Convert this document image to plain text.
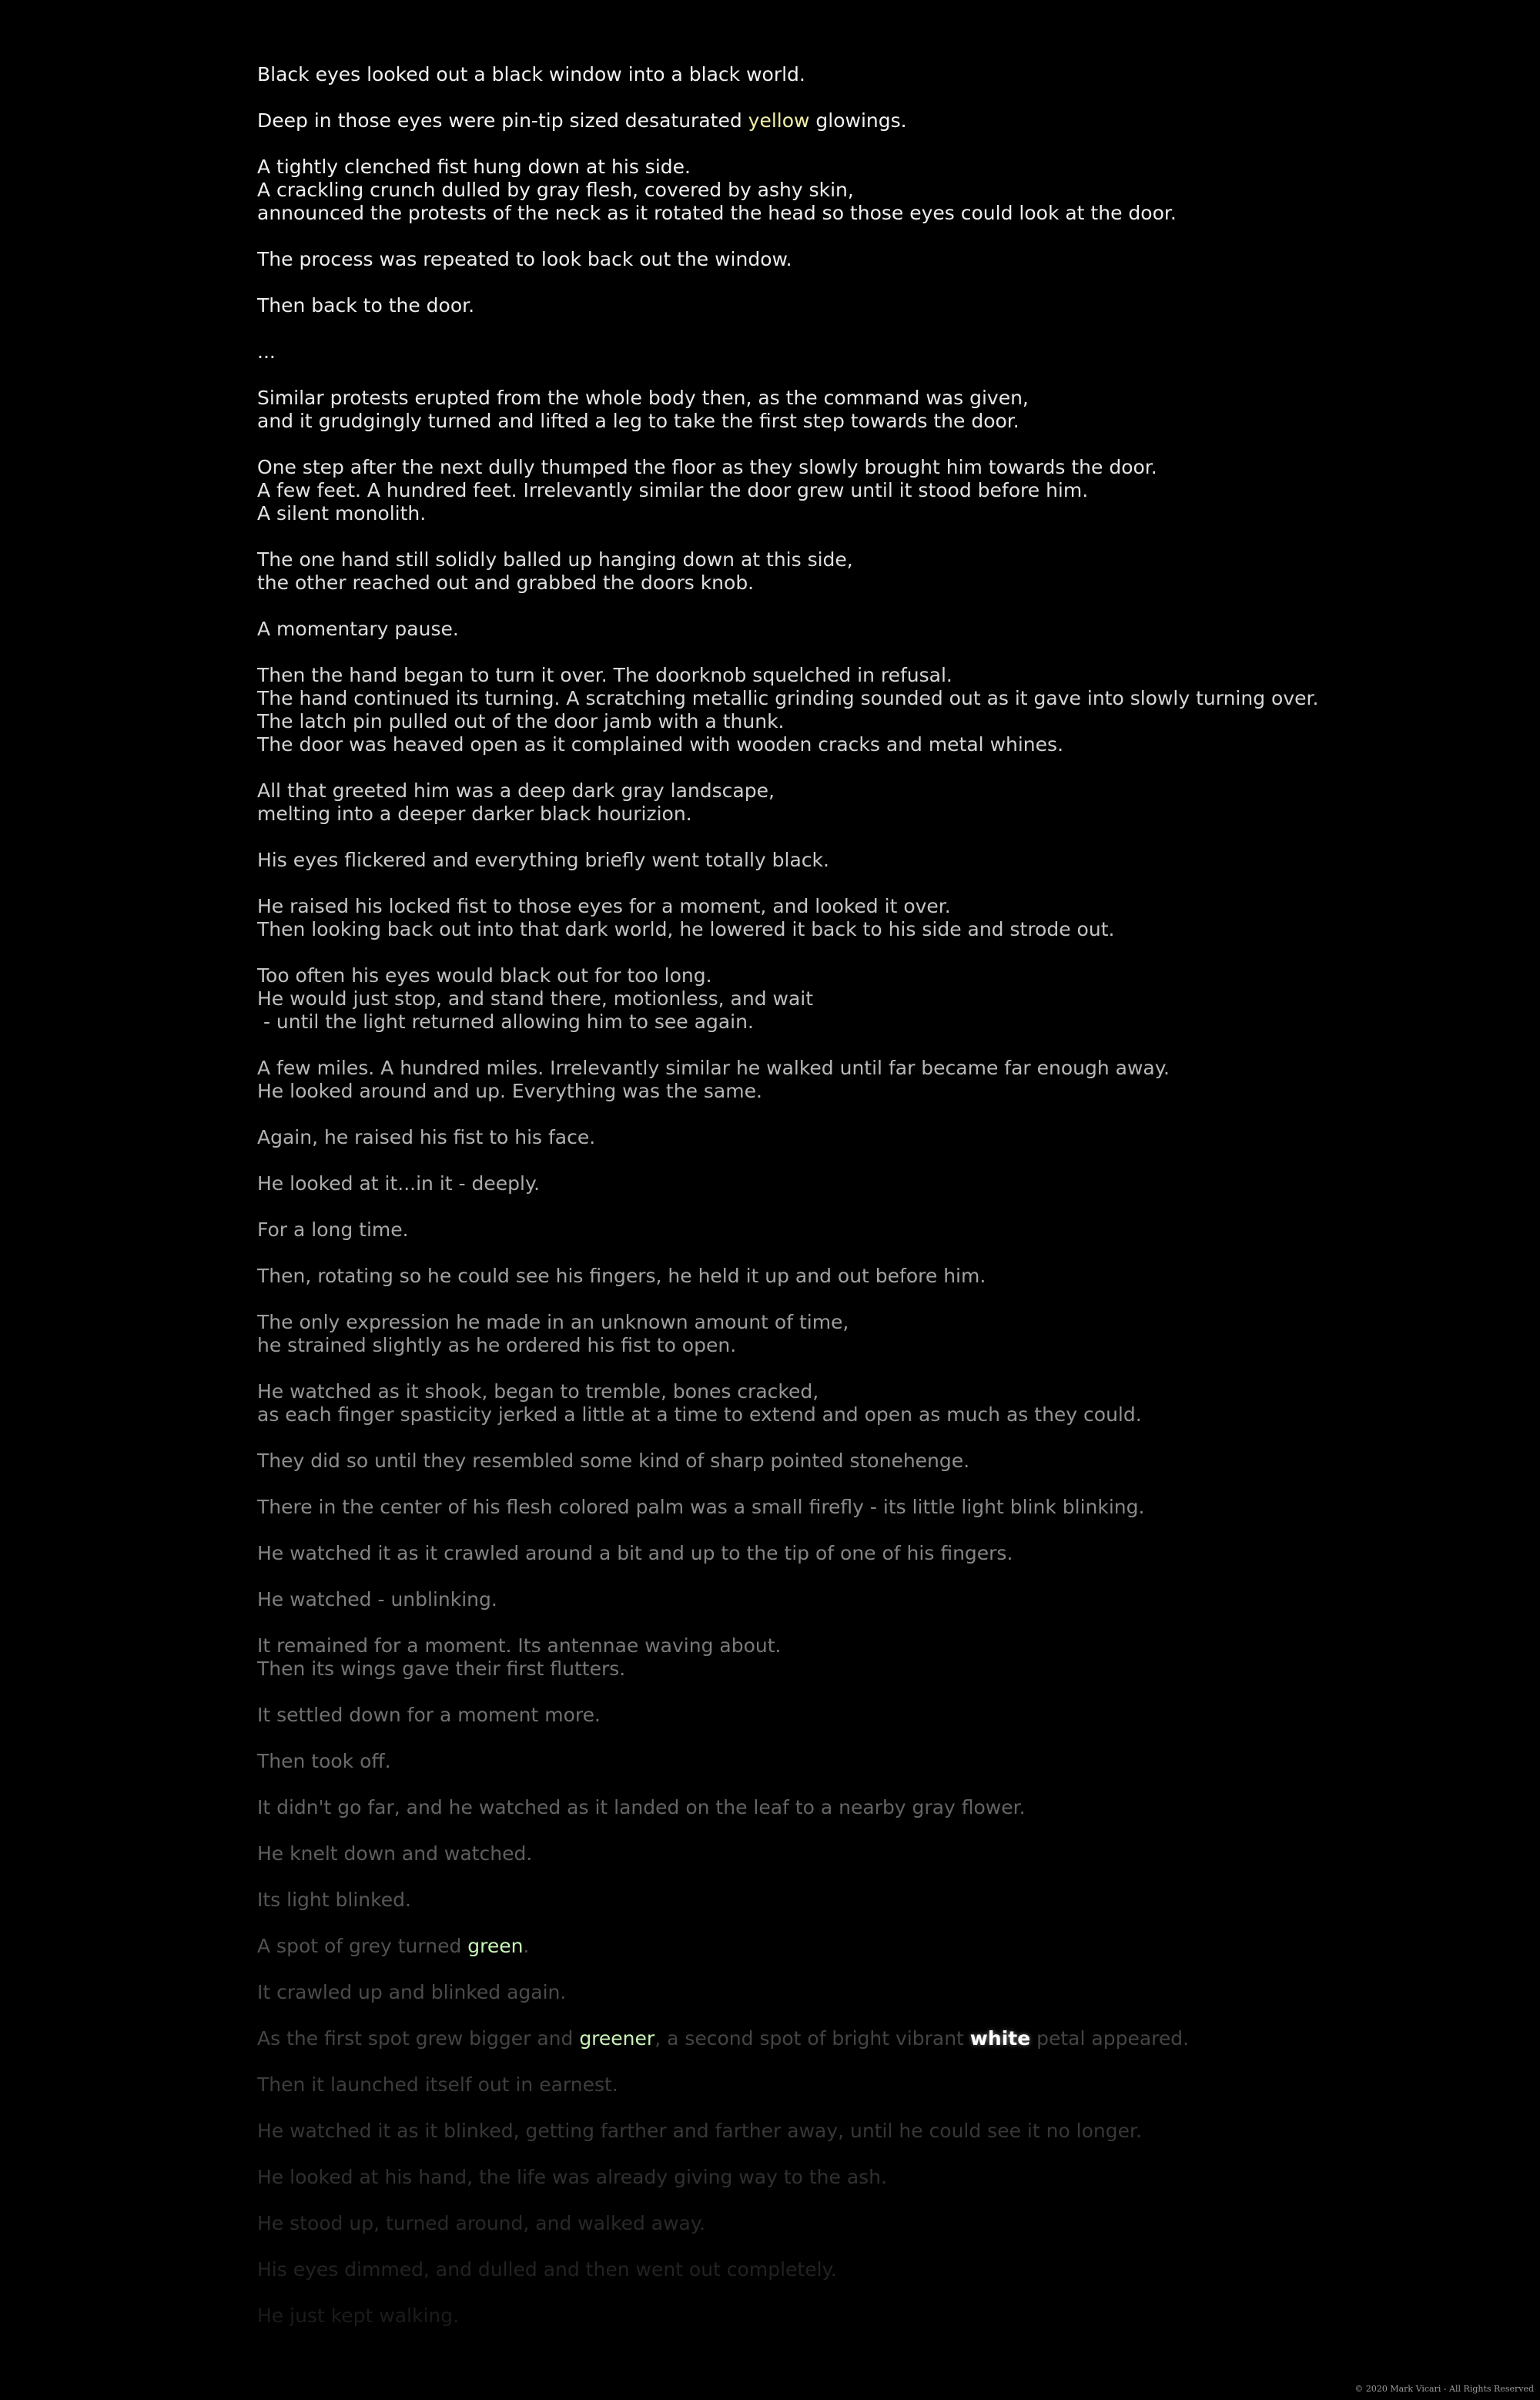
Black eyes looked out a black window into a black world.
Deep in those eyes were pin-tip sized desaturated yellow glowings.
A tightly clenched fist hung down at his side.
A crackling crunch dulled by gray flesh, covered by ashy skin,
announced the protests of the neck as it rotated the head so those eyes could look at the door.
The process was repeated to look back out the window.
Then back to the door.
...
Similar protests erupted from the whole body then, as the command was given,
and it grudgingly turned and lifted a leg to take the first step towards the door.
One step after the next dully thumped the floor as they slowly brought him towards the door.
A few feet. A hundred feet. Irrelevantly similar the door grew until it stood before him.
A silent monolith.
The one hand still solidly balled up hanging down at this side,
the other reached out and grabbed the doors knob.
A momentary pause.
Then the hand began to turn it over. The doorknob squelched in refusal.
The hand continued its turning. A scratching metallic grinding sounded out as it gave into slowly turning over.
The latch pin pulled out of the door jamb with a thunk.
The door was heaved open as it complained with wooden cracks and metal whines.
All that greeted him was a deep dark gray landscape,
melting into a deeper darker black hourizion.
His eyes flickered and everything briefly went totally black.
He raised his locked fist to those eyes for a moment, and looked it over.
Then looking back out into that dark world, he lowered it back to his side and strode out.
Too often his eyes would black out for too long.
He would just stop, and stand there, motionless, and wait
- until the light returned allowing him to see again.
A few miles. A hundred miles. Irrelevantly similar he walked until far became far enough away.
He looked around and up. Everything was the same.
Again, he raised his fist to his face.
He looked at it...in it - deeply.
For a long time.
Then, rotating so he could see his fingers, he held it up and out before him.
The only expression he made in an unknown amount of time,
he strained slightly as he ordered his fist to open.
He watched as it shook, began to tremble, bones cracked,
as each finger spasticity jerked a little at a time to extend and open as much as they could.
They did so until they resembled some kind of sharp pointed stonehenge.
There in the center of his flesh colored palm was a small firefly - its little light blink blinking.
He watched it as it crawled around a bit and up to the tip of one of his fingers.
He watched - unblinking.
It remained for a moment. Its antennae waving about.
Then its wings gave their first flutters.
It settled down for a moment more.
Then took off.
It didn't go far, and he watched as it landed on the leaf to a nearby gray flower.
He knelt down and watched.
Its light blinked.
A spot of grey turned green.
It crawled up and blinked again.
As the first spot grew bigger and greener, a second spot of bright vibrant white petal appeared.
Then it launched itself out in earnest.
He watched it as it blinked, getting farther and farther away, until he could see it no longer.
He looked at his hand, the life was already giving way to the ash.
He stood up, turned around, and walked away.
His eyes dimmed, and dulled and then went out completely.
He just kept walking.
© 2020 Mark Vicari - All Rights Reserved
